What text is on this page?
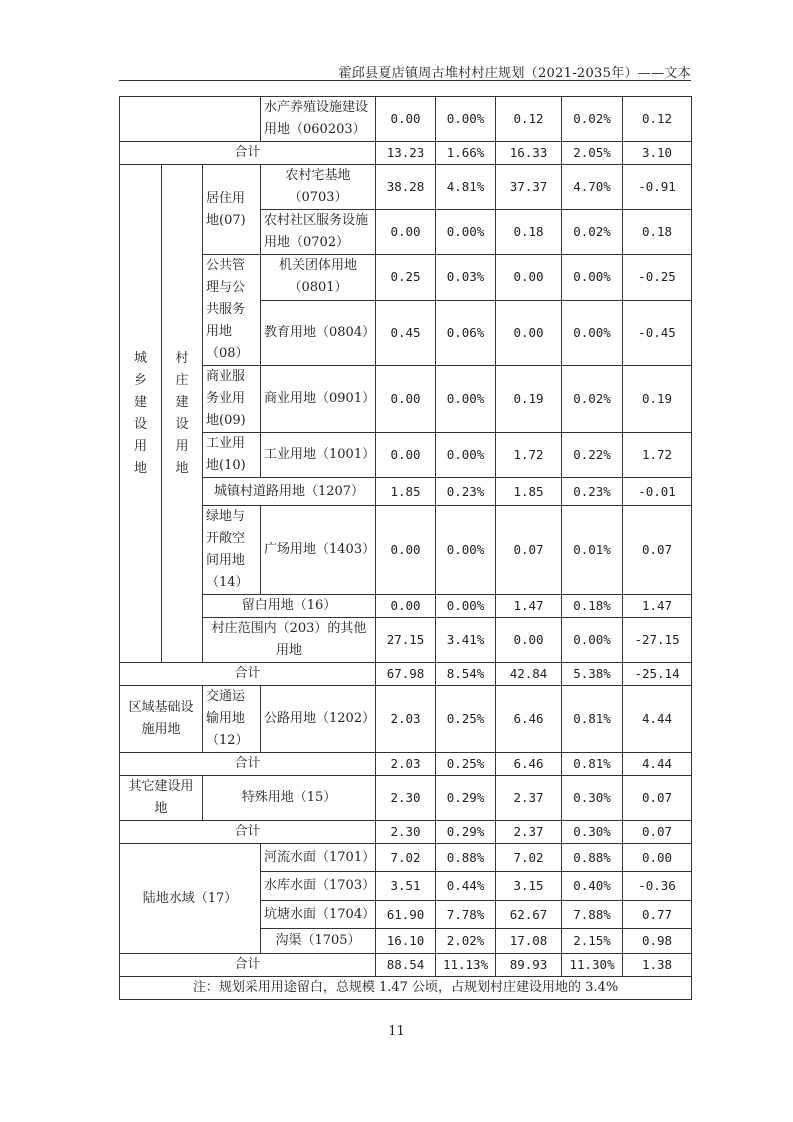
霍邱县夏店镇周古堆村村庄规划（2021-2035年）——文本
			水产养殖设施建设用地（060203）	0.00	0.00%	0.12	0.02%	0.12
合计				13.23	1.66%	16.33	2.05%	3.10
城乡建设用地	村庄建设用地	居住用地(07)	农村宅基地（0703）	38.28	4.81%	37.37	4.70%	-0.91
			农村社区服务设施用地（0702）	0.00	0.00%	0.18	0.02%	0.18
		公共管理与公共服务用地（08）	机关团体用地（0801）	0.25	0.03%	0.00	0.00%	-0.25
			教育用地（0804）	0.45	0.06%	0.00	0.00%	-0.45
		商业服务业用地(09)	商业用地（0901）	0.00	0.00%	0.19	0.02%	0.19
		工业用地(10)	工业用地（1001）	0.00	0.00%	1.72	0.22%	1.72
		城镇村道路用地（1207）		1.85	0.23%	1.85	0.23%	-0.01
		绿地与开敞空间用地（14）	广场用地（1403）	0.00	0.00%	0.07	0.01%	0.07
		留白用地（16）		0.00	0.00%	1.47	0.18%	1.47
		村庄范围内（203）的其他用地		27.15	3.41%	0.00	0.00%	-27.15
合计				67.98	8.54%	42.84	5.38%	-25.14
区域基础设施用地		交通运输用地（12）	公路用地（1202）	2.03	0.25%	6.46	0.81%	4.44
合计				2.03	0.25%	6.46	0.81%	4.44
其它建设用地		特殊用地（15）		2.30	0.29%	2.37	0.30%	0.07
合计				2.30	0.29%	2.37	0.30%	0.07
陆地水域（17）			河流水面（1701）	7.02	0.88%	7.02	0.88%	0.00
			水库水面（1703）	3.51	0.44%	3.15	0.40%	-0.36
			坑塘水面（1704）	61.90	7.78%	62.67	7.88%	0.77
			沟渠（1705）	16.10	2.02%	17.08	2.15%	0.98
合计				88.54	11.13%	89.93	11.30%	1.38
注：规划采用用途留白，总规模 1.47 公顷，占规划村庄建设用地的 3.4%								
11
